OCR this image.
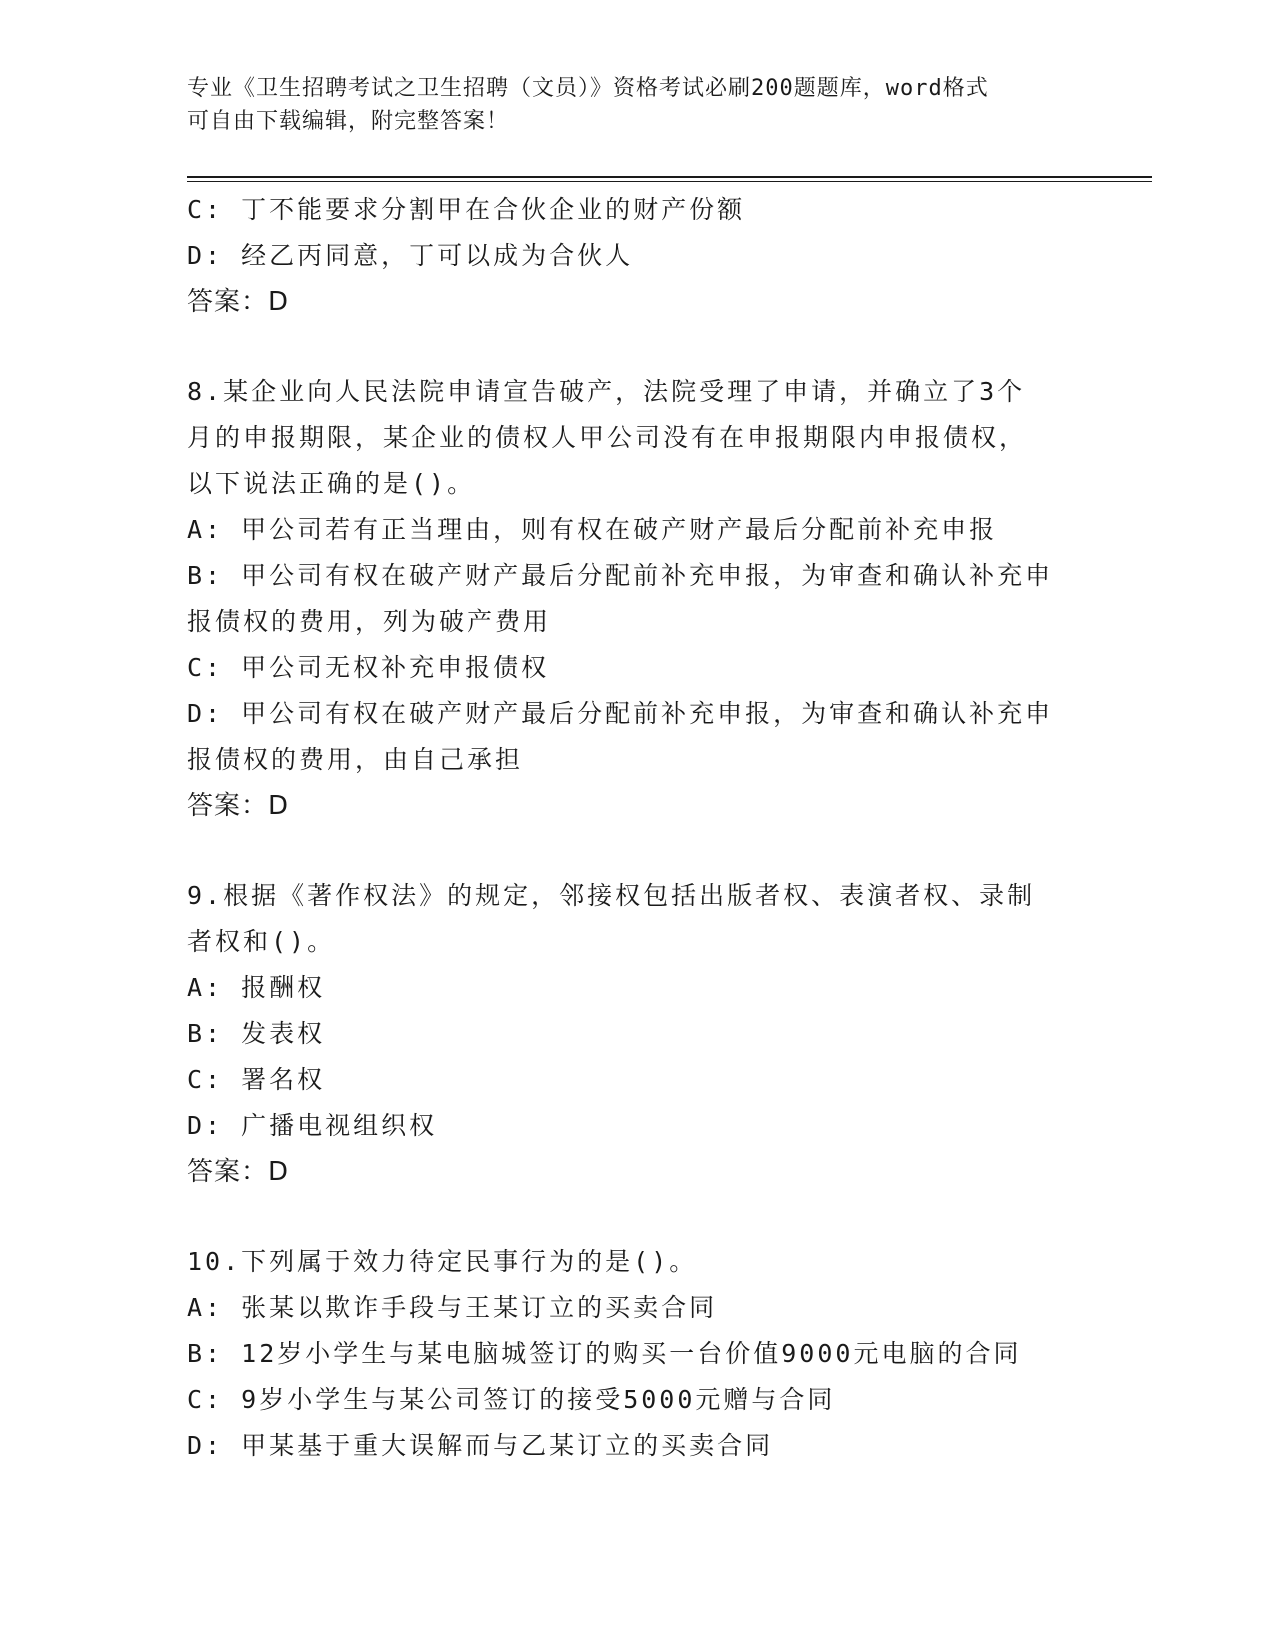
专业《卫生招聘考试之卫生招聘（文员）》资格考试必刷200题题库，word格式
可自由下载编辑，附完整答案！
C: 丁不能要求分割甲在合伙企业的财产份额
D: 经乙丙同意，丁可以成为合伙人
答案：D
8.某企业向人民法院申请宣告破产，法院受理了申请，并确立了3个
月的申报期限，某企业的债权人甲公司没有在申报期限内申报债权，
以下说法正确的是()。
A: 甲公司若有正当理由，则有权在破产财产最后分配前补充申报
B: 甲公司有权在破产财产最后分配前补充申报，为审查和确认补充申
报债权的费用，列为破产费用
C: 甲公司无权补充申报债权
D: 甲公司有权在破产财产最后分配前补充申报，为审查和确认补充申
报债权的费用，由自己承担
答案：D
9.根据《著作权法》的规定，邻接权包括出版者权、表演者权、录制
者权和()。
A: 报酬权
B: 发表权
C: 署名权
D: 广播电视组织权
答案：D
10.下列属于效力待定民事行为的是()。
A: 张某以欺诈手段与王某订立的买卖合同
B: 12岁小学生与某电脑城签订的购买一台价值9000元电脑的合同
C: 9岁小学生与某公司签订的接受5000元赠与合同
D: 甲某基于重大误解而与乙某订立的买卖合同
